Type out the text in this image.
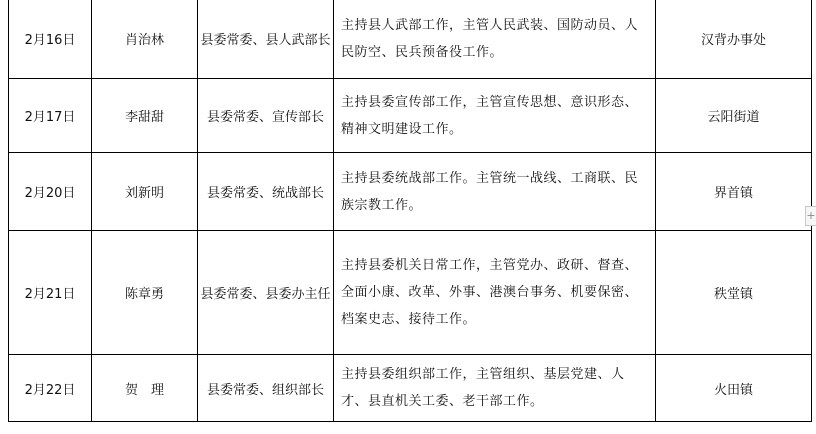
2月16日	肖治林	县委常委、县人武部长	主持县人武部工作，主管人民武装、国防动员、人民防空、民兵预备役工作。	汉背办事处
2月17日	李甜甜	县委常委、宣传部长	主持县委宣传部工作，主管宣传思想、意识形态、精神文明建设工作。	云阳街道
2月20日	刘新明	县委常委、统战部长	主持县委统战部工作。主管统一战线、工商联、民族宗教工作。	界首镇
2月21日	陈章勇	县委常委、县委办主任	主持县委机关日常工作，主管党办、政研、督查、全面小康、改革、外事、港澳台事务、机要保密、档案史志、接待工作。	秩堂镇
2月22日	贺　理	县委常委、组织部长	主持县委组织部工作，主管组织、基层党建、人才、县直机关工委、老干部工作。	火田镇
+
